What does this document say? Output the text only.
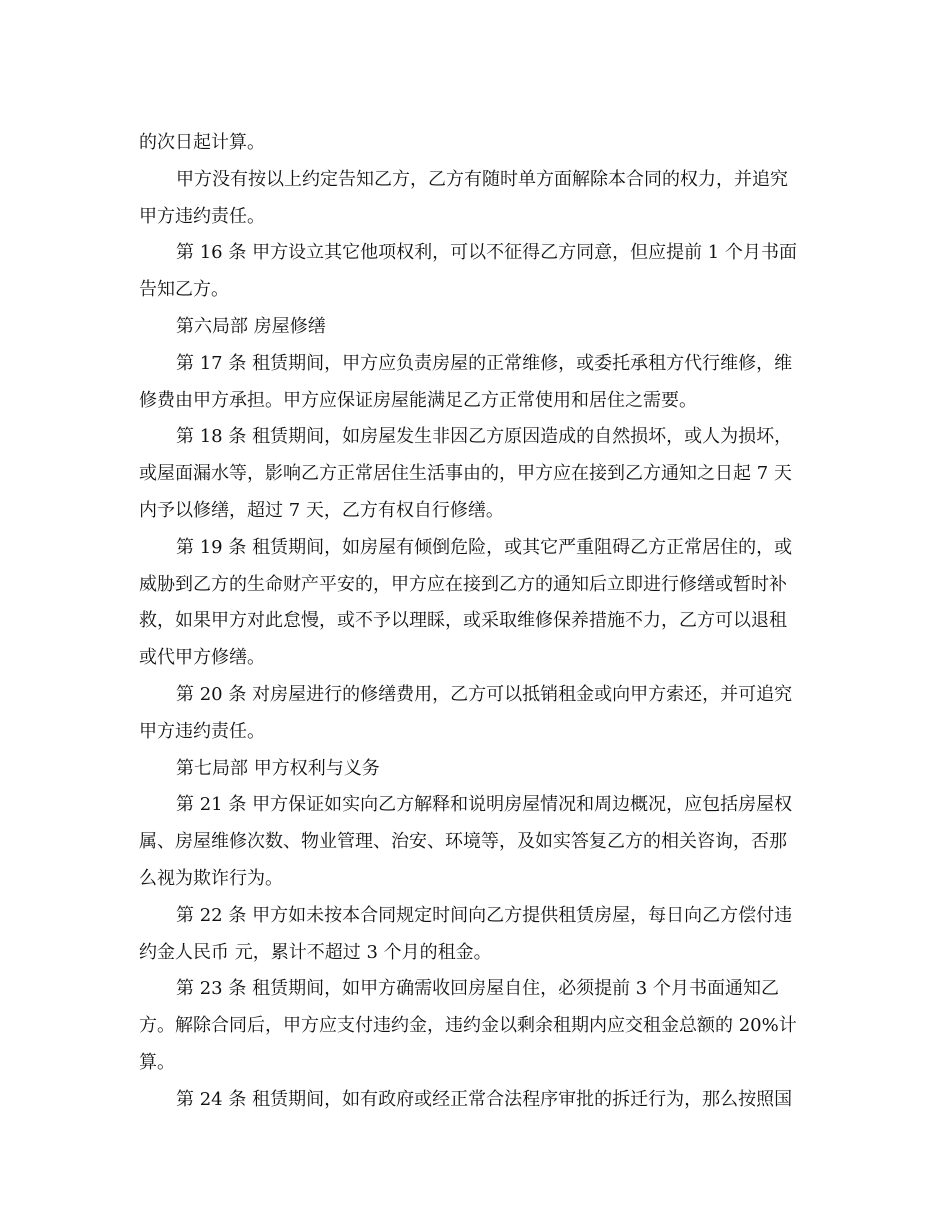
的次日起计算。
甲方没有按以上约定告知乙方，乙方有随时单方面解除本合同的权力，并追究
甲方违约责任。
第 16 条 甲方设立其它他项权利，可以不征得乙方同意，但应提前 1 个月书面
告知乙方。
第六局部 房屋修缮
第 17 条 租赁期间，甲方应负责房屋的正常维修，或委托承租方代行维修，维
修费由甲方承担。甲方应保证房屋能满足乙方正常使用和居住之需要。
第 18 条 租赁期间，如房屋发生非因乙方原因造成的自然损坏，或人为损坏，
或屋面漏水等，影响乙方正常居住生活事由的，甲方应在接到乙方通知之日起 7 天
内予以修缮，超过 7 天，乙方有权自行修缮。
第 19 条 租赁期间，如房屋有倾倒危险，或其它严重阻碍乙方正常居住的，或
威胁到乙方的生命财产平安的，甲方应在接到乙方的通知后立即进行修缮或暂时补
救，如果甲方对此怠慢，或不予以理睬，或采取维修保养措施不力，乙方可以退租
或代甲方修缮。
第 20 条 对房屋进行的修缮费用，乙方可以抵销租金或向甲方索还，并可追究
甲方违约责任。
第七局部 甲方权利与义务
第 21 条 甲方保证如实向乙方解释和说明房屋情况和周边概况，应包括房屋权
属、房屋维修次数、物业管理、治安、环境等，及如实答复乙方的相关咨询，否那
么视为欺诈行为。
第 22 条 甲方如未按本合同规定时间向乙方提供租赁房屋，每日向乙方偿付违
约金人民币 元，累计不超过 3 个月的租金。
第 23 条 租赁期间，如甲方确需收回房屋自住，必须提前 3 个月书面通知乙
方。解除合同后，甲方应支付违约金，违约金以剩余租期内应交租金总额的 20%计
算。
第 24 条 租赁期间，如有政府或经正常合法程序审批的拆迁行为，那么按照国
